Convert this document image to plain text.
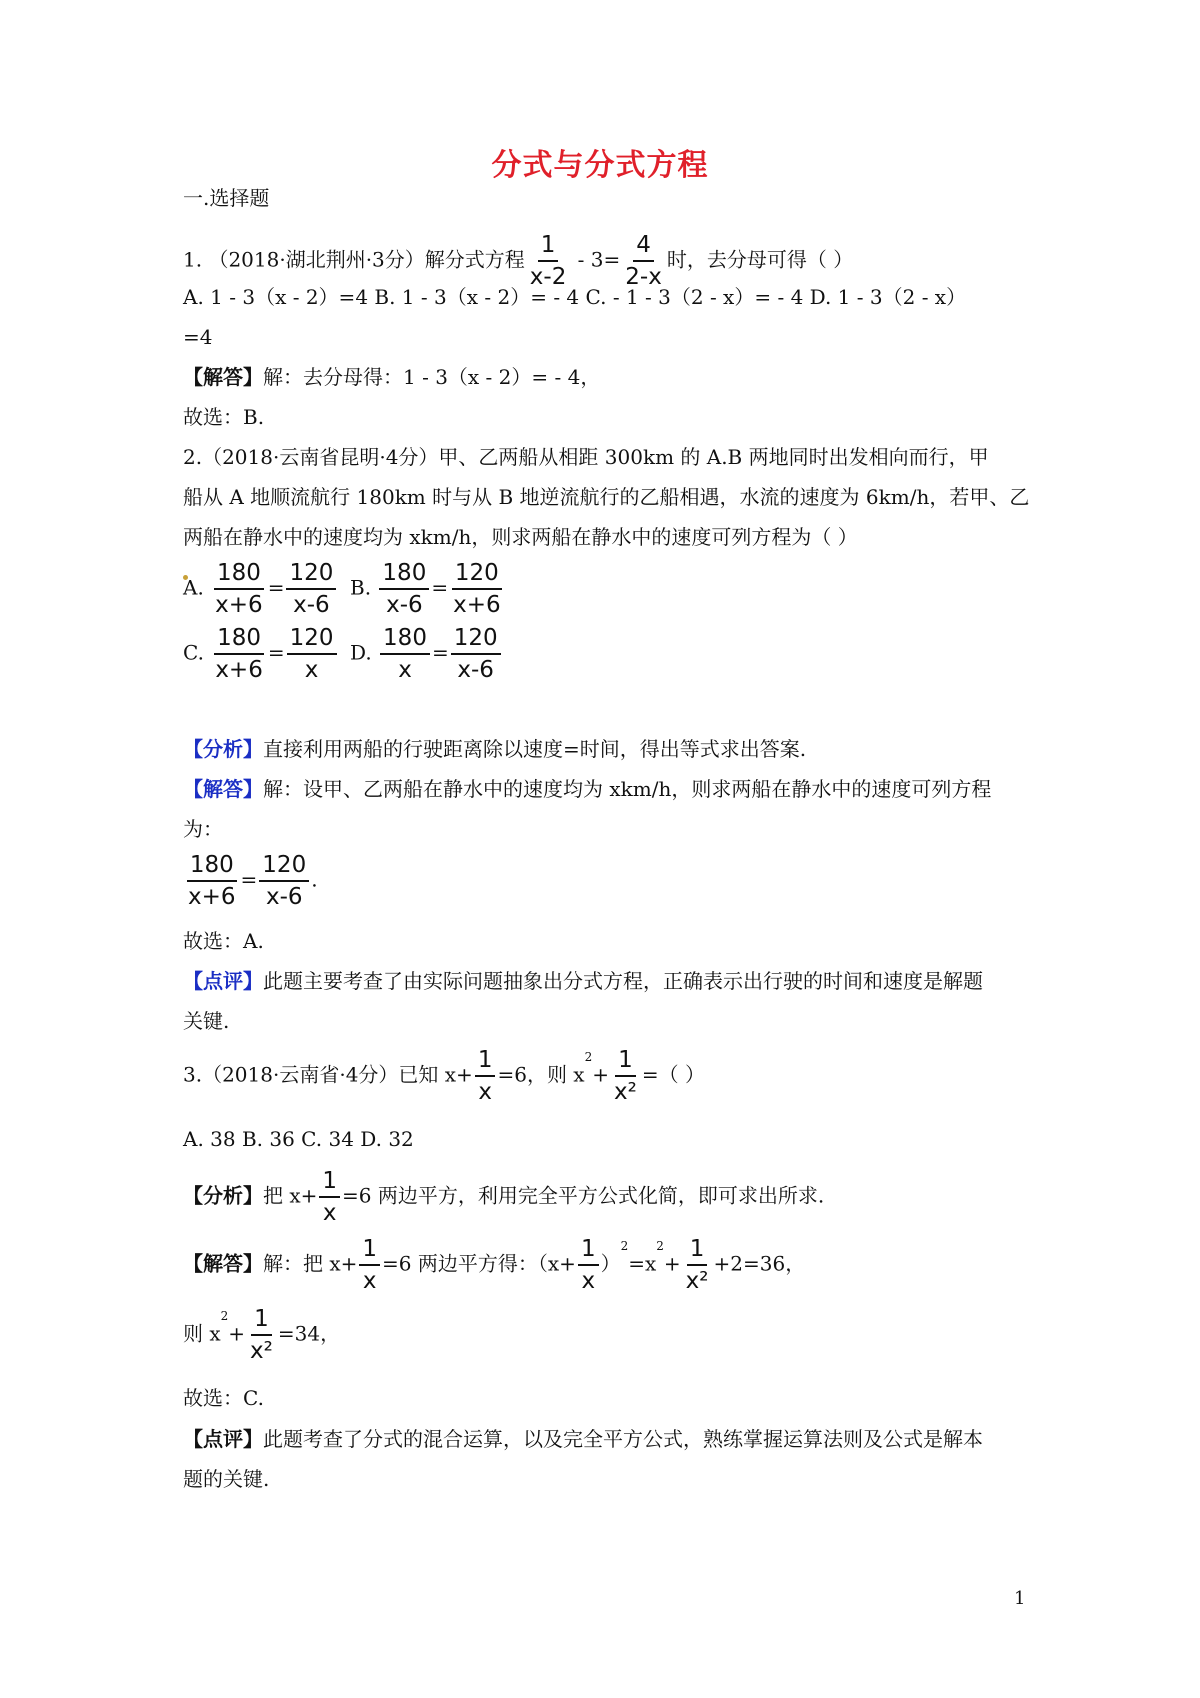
分式与分式方程
一.选择题
1. （2018·湖北荆州·3分）解分式方程 $\frac{1}{x-2} - 3= \frac{4}{2-x}$ 时，去分母可得（ ）
A. 1 - 3（x - 2）=4 B. 1 - 3（x - 2）= - 4 C. - 1 - 3（2 - x）= - 4 D. 1 - 3（2 - x）
=4
【解答】解：去分母得：1 - 3（x - 2）= - 4，
故选：B.
2.（2018·云南省昆明·4分）甲、乙两船从相距 300km 的 A.B 两地同时出发相向而行，甲
船从 A 地顺流航行 180km 时与从 B 地逆流航行的乙船相遇，水流的速度为 6km/h，若甲、乙
两船在静水中的速度均为 xkm/h，则求两船在静水中的速度可列方程为（ ）
A. $\frac{180}{x+6} = \frac{120}{x-6} B$. $\frac{180}{x-6} = \frac{120}{x+6}$
C. $\frac{180}{x+6} = \frac{120}{x} D$. $\frac{180}{x} = \frac{120}{x-6}$
【分析】直接利用两船的行驶距离除以速度=时间，得出等式求出答案.
【解答】解：设甲、乙两船在静水中的速度均为 xkm/h，则求两船在静水中的速度可列方程
为：
$\frac{180}{x+6} = \frac{120}{x-6}$ .
故选：A.
【点评】此题主要考查了由实际问题抽象出分式方程，正确表示出行驶的时间和速度是解题
关键.
3.（2018·云南省·4分）已知 $x+ \frac{1}{x} =6$，则 $x^2+ \frac{1}{\text{x²}}$ =（ ）
A. 38 B. 36 C. 34 D. 32
【分析】把 $x+ \frac{1}{x} =6$ 两边平方，利用完全平方公式化简，即可求出所求.
【解答】解：把 $x+ \frac{1}{x} =6$ 两边平方得：$(x+ \frac{1}{x} )^2=x^2+ \frac{1}{\text{x²}} +2=36$，
则 $x^2+ \frac{1}{\text{x²}} =34$，
故选：C.
【点评】此题考查了分式的混合运算，以及完全平方公式，熟练掌握运算法则及公式是解本
题的关键.
1
